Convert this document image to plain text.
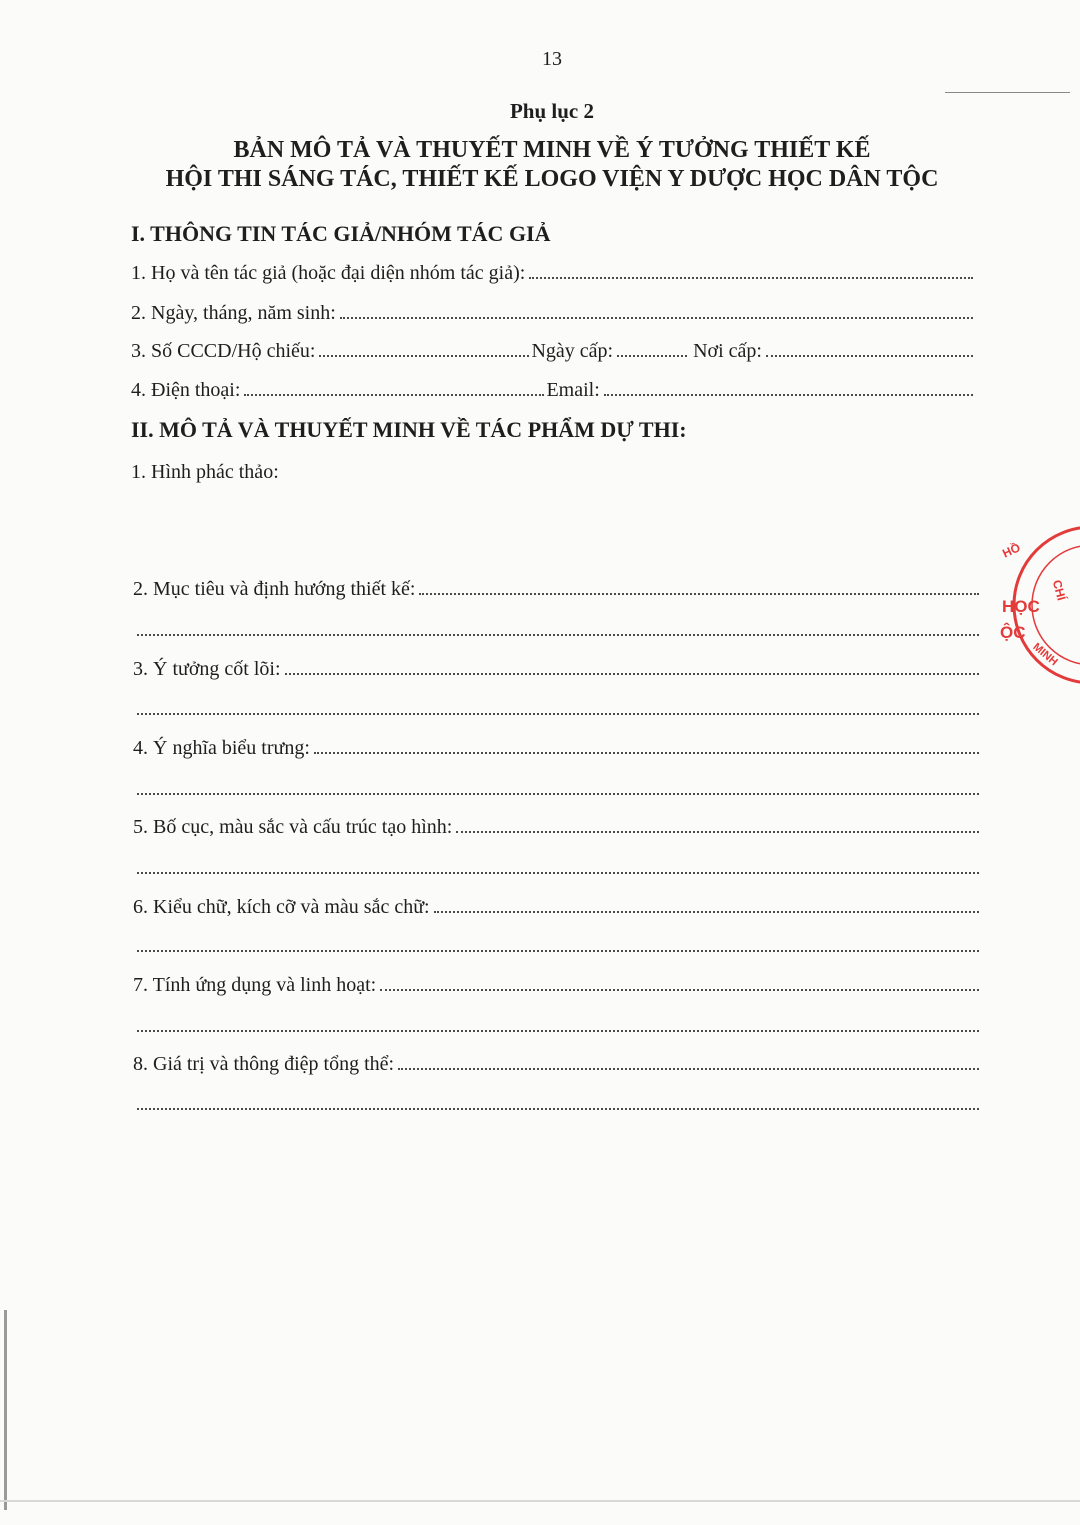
13
Phụ lục 2
BẢN MÔ TẢ VÀ THUYẾT MINH VỀ Ý TƯỞNG THIẾT KẾ
HỘI THI SÁNG TÁC, THIẾT KẾ LOGO VIỆN Y DƯỢC HỌC DÂN TỘC
I. THÔNG TIN TÁC GIẢ/NHÓM TÁC GIẢ
1. Họ và tên tác giả (hoặc đại diện nhóm tác giả):
2. Ngày, tháng, năm sinh:
3. Số CCCD/Hộ chiếu:	Ngày cấp:	Nơi cấp:
4. Điện thoại:	Email:
II. MÔ TẢ VÀ THUYẾT MINH VỀ TÁC PHẨM DỰ THI:
1. Hình phác thảo:
2. Mục tiêu và định hướng thiết kế:
3. Ý tưởng cốt lõi:
4. Ý nghĩa biểu trưng:
5. Bố cục, màu sắc và cấu trúc tạo hình:
6. Kiểu chữ, kích cỡ và màu sắc chữ:
7. Tính ứng dụng và linh hoạt:
8. Giá trị và thông điệp tổng thể:
HỌC
ỘC
HỒ
CHÍ
MINH
